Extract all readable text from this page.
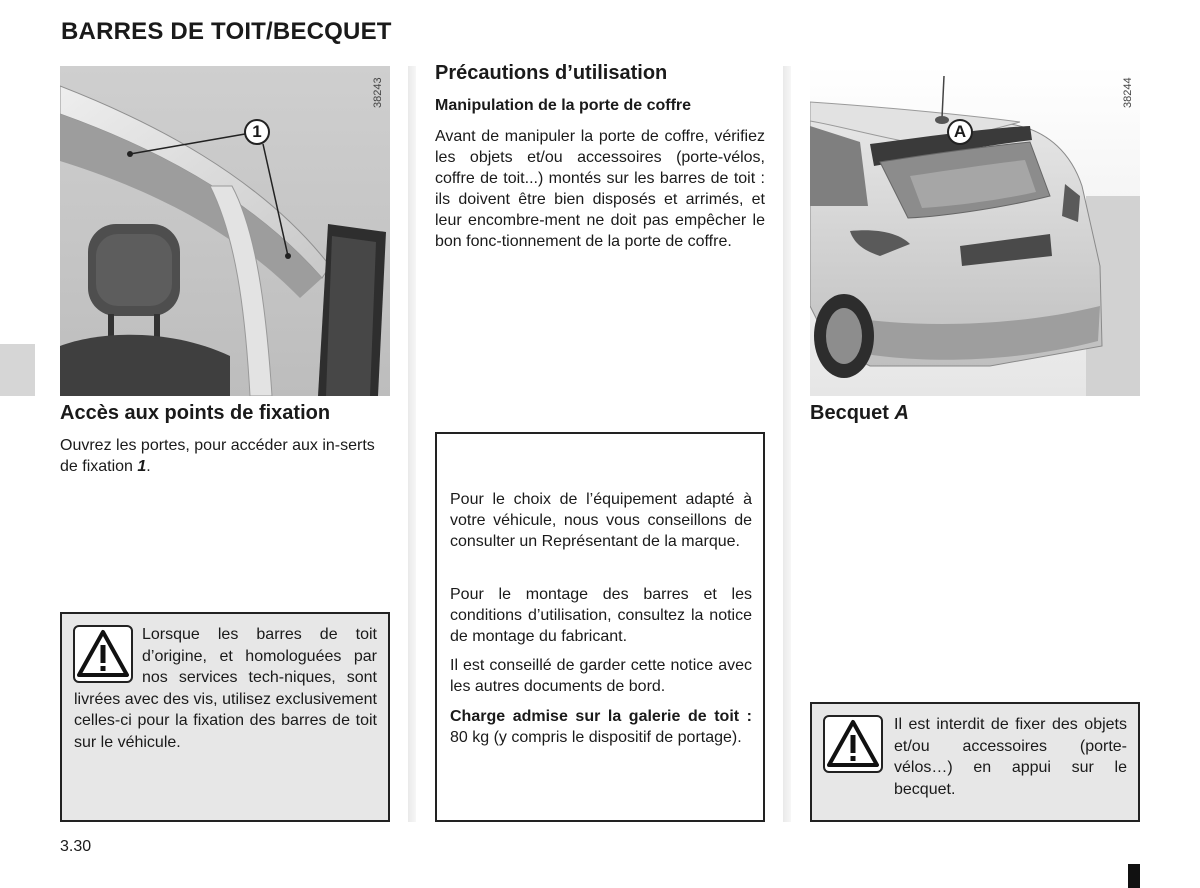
BARRES DE TOIT/BECQUET
1
38243
Accès aux points de fixation

Ouvrez les portes, pour accéder aux in-serts de fixation 1.

Lorsque les barres de toit d’origine, et homologuées par nos services tech-niques, sont livrées avec des vis, utilisez exclusivement celles-ci pour la fixation des barres de toit sur le véhicule.
3.30
Précautions d’utilisation
Manipulation de la porte de coffre

Avant de manipuler la porte de coffre, vérifiez les objets et/ou accessoires (porte-vélos, coffre de toit...) montés sur les barres de toit : ils doivent être bien disposés et arrimés, et leur encombre-ment ne doit pas empêcher le bon fonc-tionnement de la porte de coffre.

Pour le choix de l’équipement adapté à votre véhicule, nous vous conseillons de consulter un Représentant de la marque.

Pour le montage des barres et les conditions d’utilisation, consultez la notice de montage du fabricant.

Il est conseillé de garder cette notice avec les autres documents de bord.

Charge admise sur la galerie de toit : 80 kg (y compris le dispositif de portage).

A
38244
Becquet A

Il est interdit de fixer des objets et/ou accessoires (porte-vélos…) en appui sur le becquet.
